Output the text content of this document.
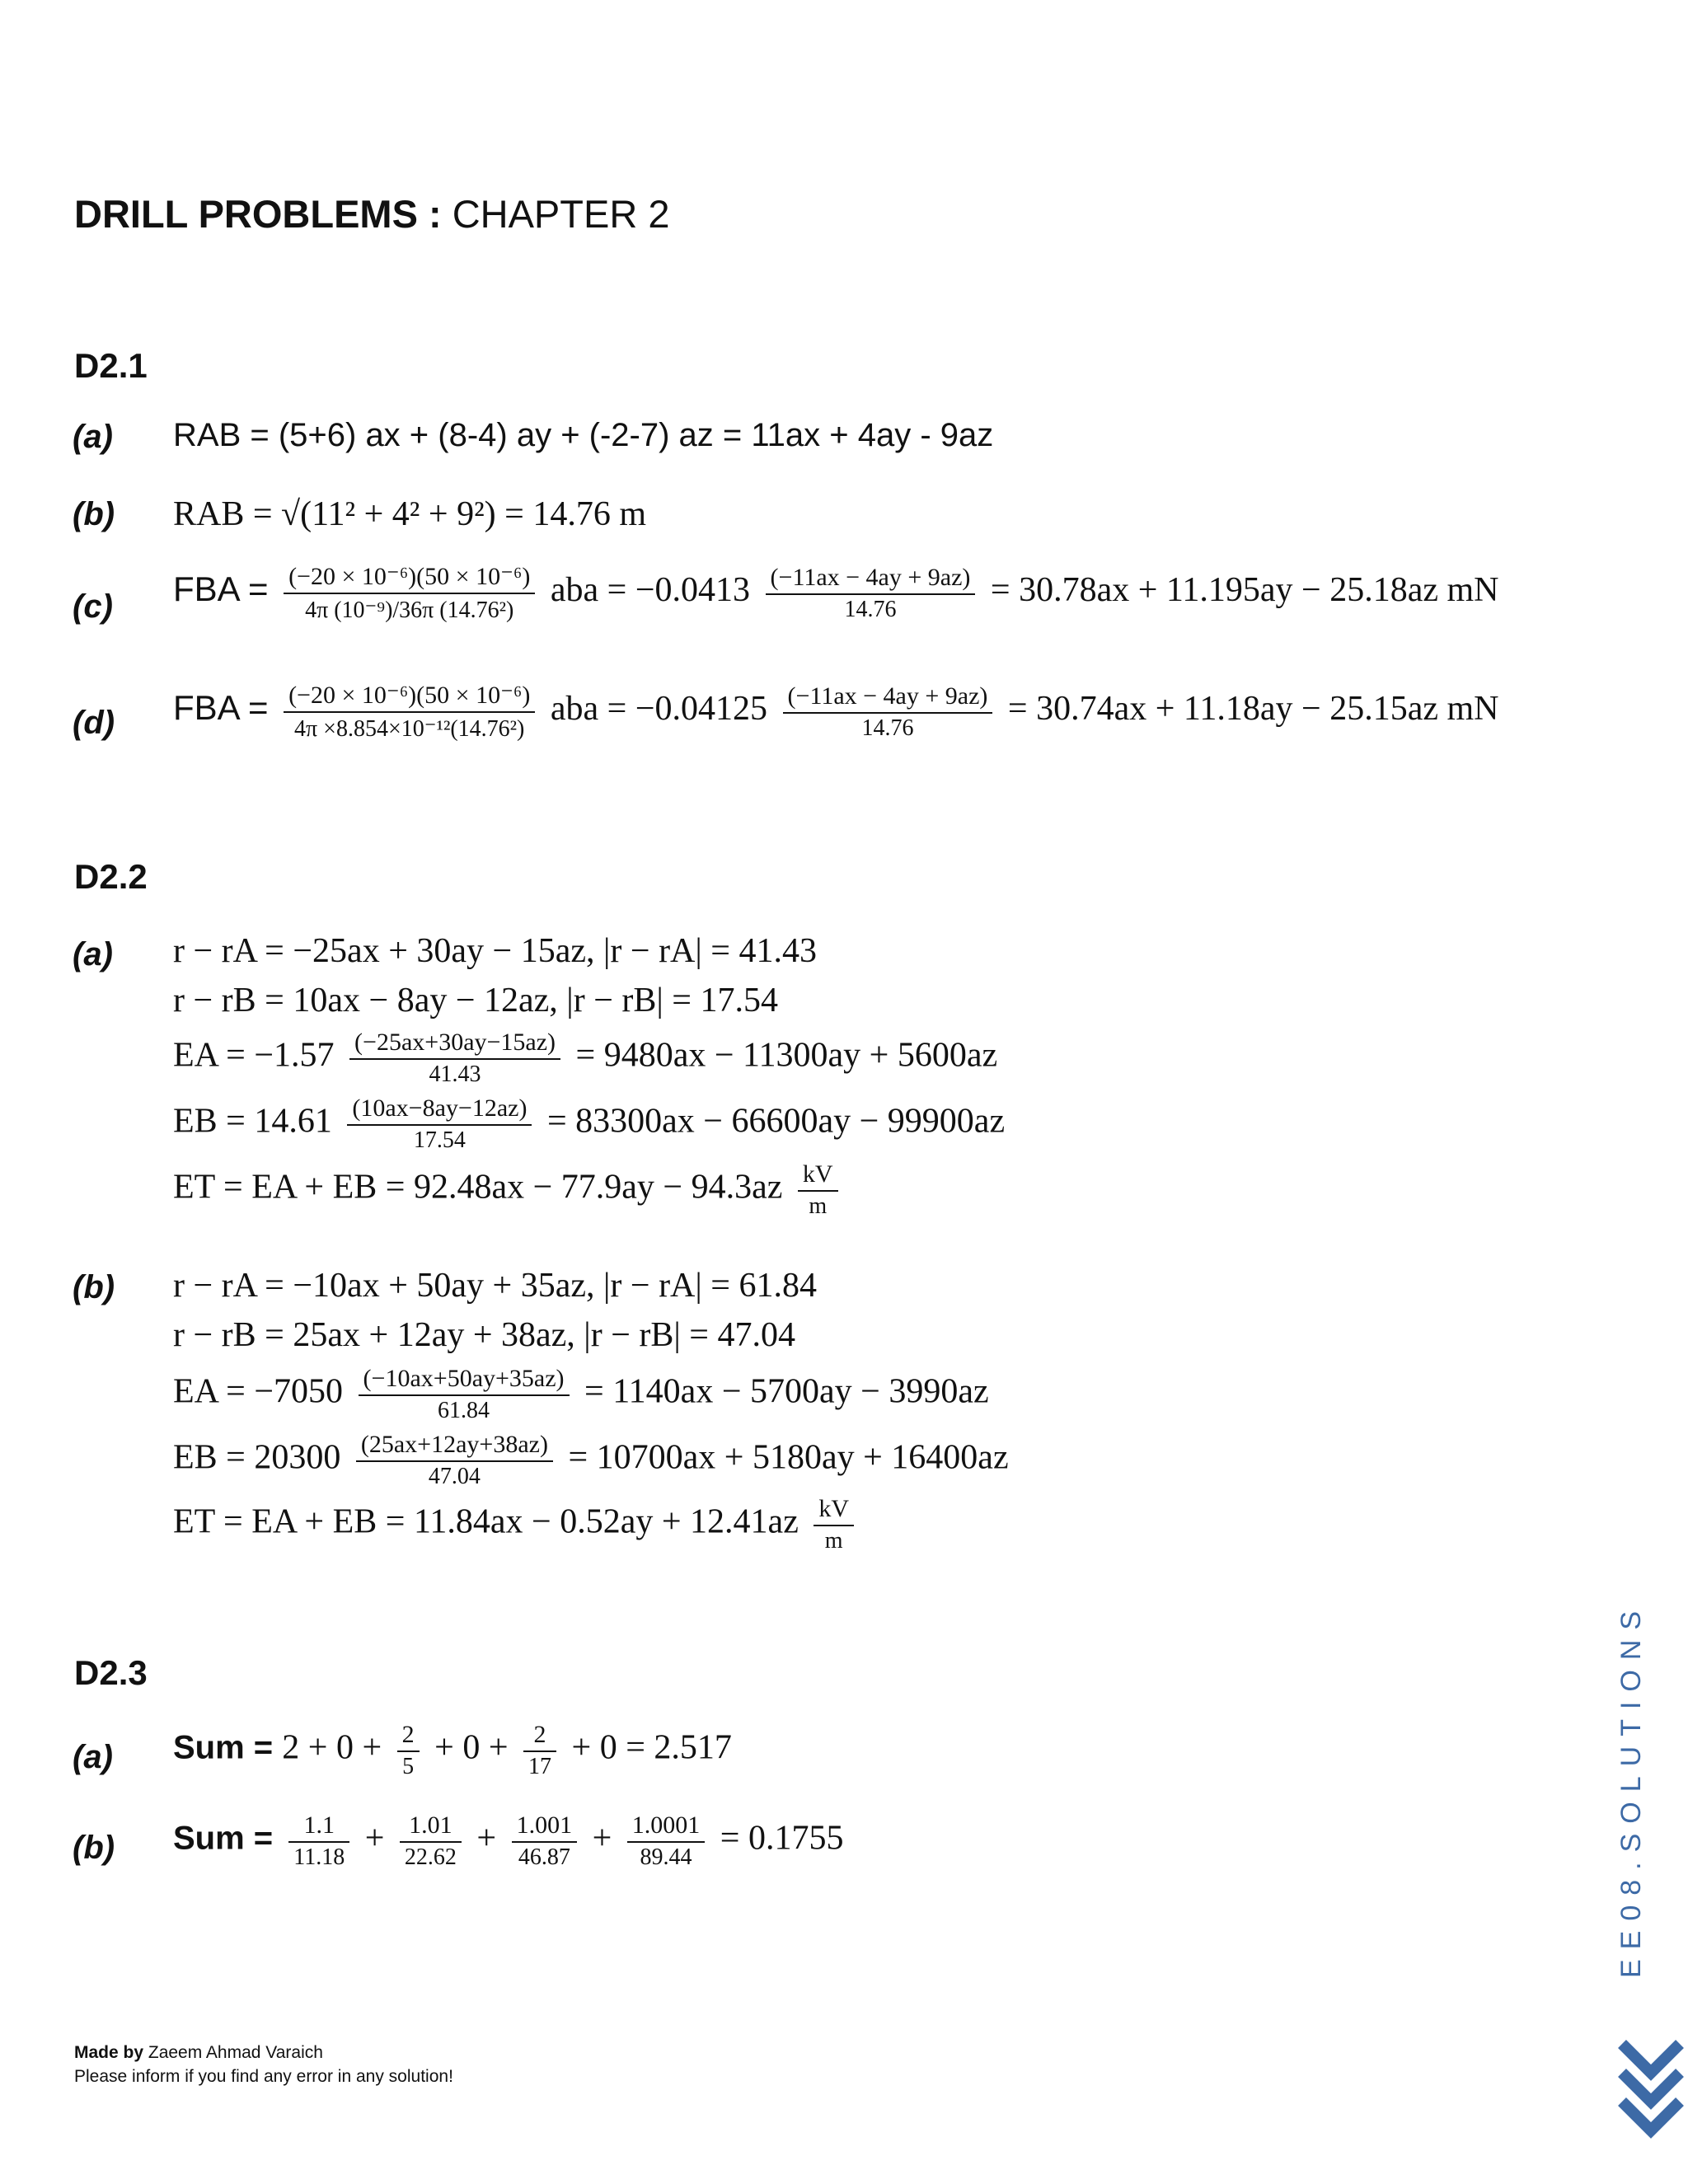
DRILL PROBLEMS : CHAPTER 2
D2.1
(a) RAB = (5+6) ax + (8-4) ay + (-2-7) az = 11ax + 4ay - 9az
(b) RAB = √(11² + 4² + 9²) = 14.76 m
(c) FBA = $\frac{\text{(−20 × 10⁻⁶)(50 × 10⁻⁶)}}{\text{4π (10⁻⁹)/36π (14.76²)}}$ aba = $-0.0413 \frac{(-11ax - 4ay + 9az)}{14.76} = 30.78ax + 11.195ay - 25.18az$ mN
(d) FBA = $\frac{\text{(−20 × 10⁻⁶)(50 × 10⁻⁶)}}{\text{4π ×8.854×10⁻¹²(14.76²)}}$ aba = $-0.04125 \frac{(-11ax - 4ay + 9az)}{14.76} = 30.74ax + 11.18ay - 25.15az$ mN
D2.2
(a) r − rA = −25ax + 30ay − 15az, |r − rA| = 41.43
r − rB = 10ax − 8ay − 12az, |r − rB| = 17.54
EA = $-1.57 \frac{(-25ax+30ay-15az)}{41.43} = 9480ax - 11300ay + 5600az$
EB = $14.61 \frac{(10ax-8ay-12az)}{17.54} = 83300ax - 66600ay - 99900az$
ET = EA + EB = $92.48ax - 77.9ay - 94.3az \frac{kV}{m}$
(b) r − rA = −10ax + 50ay + 35az, |r − rA| = 61.84
r − rB = 25ax + 12ay + 38az, |r − rB| = 47.04
EA = $-7050 \frac{(-10ax+50ay+35az)}{61.84} = 1140ax - 5700ay - 3990az$
EB = $20300 \frac{(25ax+12ay+38az)}{47.04} = 10700ax + 5180ay + 16400az$
ET = EA + EB = $11.84ax - 0.52ay + 12.41az \frac{kV}{m}$
D2.3
(a) Sum = $2 + 0 + \frac{2}{5} + 0 + \frac{2}{17} + 0 = 2.517$
(b) Sum = $\frac{1.1}{11.18} + \frac{1.01}{22.62} + \frac{1.001}{46.87} + \frac{1.0001}{89.44} = 0.1755$
Made by Zaeem Ahmad Varaich
Please inform if you find any error in any solution!
EE08.SOLUTIONS
